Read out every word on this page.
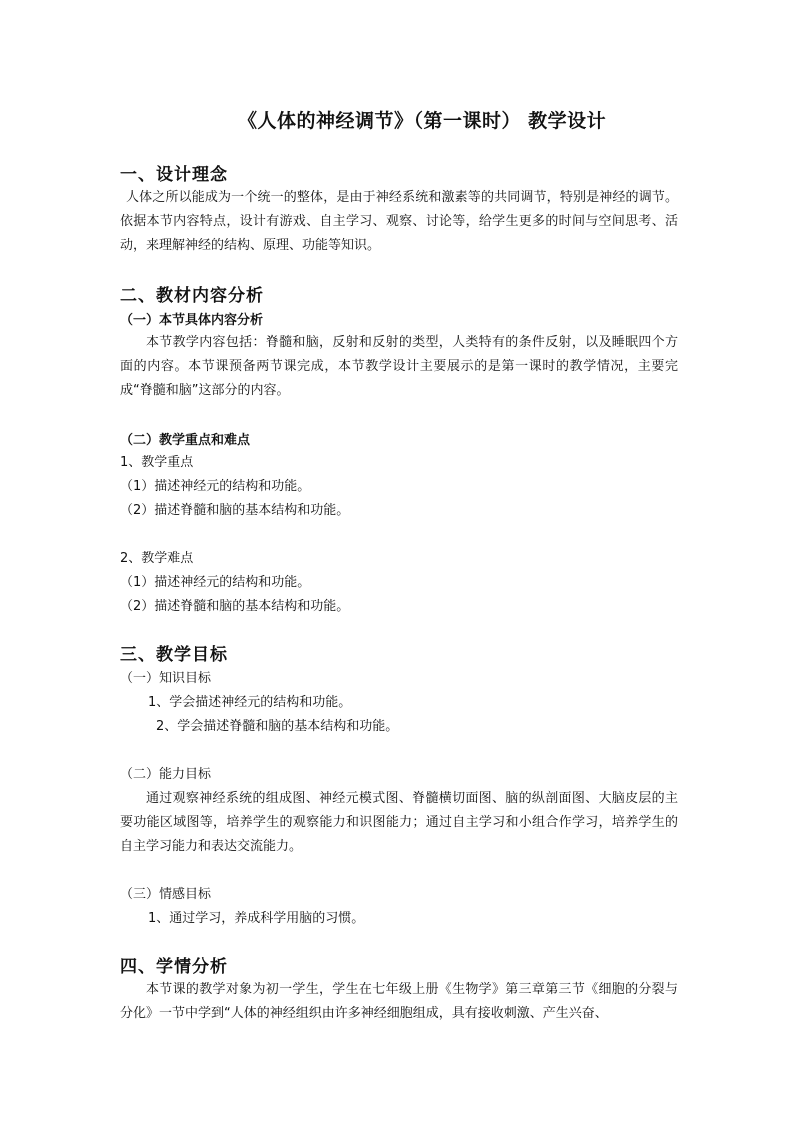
《人体的神经调节》（第一课时） 教学设计
一、设计理念
人体之所以能成为一个统一的整体，是由于神经系统和激素等的共同调节，特别是神经的调节。依据本节内容特点，设计有游戏、自主学习、观察、讨论等，给学生更多的时间与空间思考、活动，来理解神经的结构、原理、功能等知识。
二、教材内容分析
（一）本节具体内容分析
本节教学内容包括：脊髓和脑，反射和反射的类型，人类特有的条件反射，以及睡眠四个方面的内容。本节课预备两节课完成，本节教学设计主要展示的是第一课时的教学情况，主要完成“脊髓和脑”这部分的内容。
（二）教学重点和难点
1、教学重点
（1）描述神经元的结构和功能。
（2）描述脊髓和脑的基本结构和功能。
2、教学难点
（1）描述神经元的结构和功能。
（2）描述脊髓和脑的基本结构和功能。
三、教学目标
（一）知识目标
1、学会描述神经元的结构和功能。
2、学会描述脊髓和脑的基本结构和功能。
（二）能力目标
通过观察神经系统的组成图、神经元模式图、脊髓横切面图、脑的纵剖面图、大脑皮层的主要功能区域图等，培养学生的观察能力和识图能力；通过自主学习和小组合作学习，培养学生的自主学习能力和表达交流能力。
（三）情感目标
1、通过学习，养成科学用脑的习惯。
四、学情分析
本节课的教学对象为初一学生，学生在七年级上册《生物学》第三章第三节《细胞的分裂与分化》一节中学到“人体的神经组织由许多神经细胞组成，具有接收刺激、产生兴奋、
